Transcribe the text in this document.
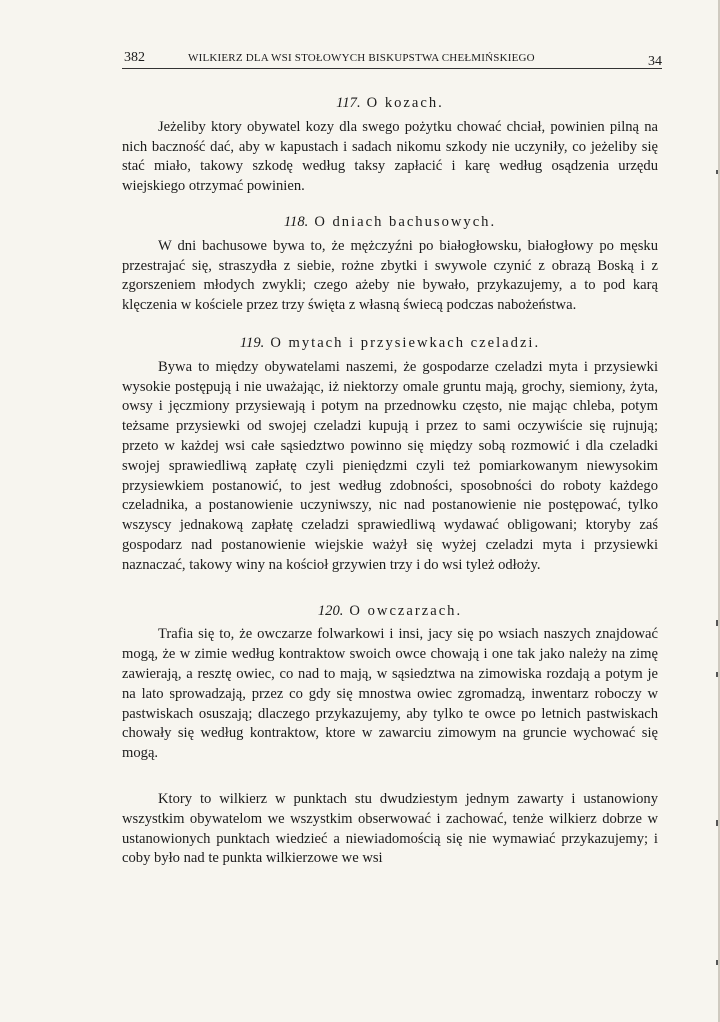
382	WILKIERZ DLA WSI STOŁOWYCH BISKUPSTWA CHEŁMIŃSKIEGO	34
117. O kozach.

Jeżeliby ktory obywatel kozy dla swego pożytku chować chciał, powinien pilną na nich baczność dać, aby w kapustach i sadach nikomu szkody nie uczyniły, co jeżeliby się stać miało, takowy szkodę według taksy zapłacić i karę według osądzenia urzędu wiejskiego otrzymać powinien.

118. O dniach bachusowych.

W dni bachusowe bywa to, że mężczyźni po białogłowsku, białogłowy po męsku przestrajać się, straszydła z siebie, rożne zbytki i swywole czynić z obrazą Boską i z zgorszeniem młodych zwykli; czego ażeby nie bywało, przykazujemy, a to pod karą klęczenia w kościele przez trzy święta z własną świecą podczas nabożeństwa.

119. O mytach i przysiewkach czeladzi.

Bywa to między obywatelami naszemi, że gospodarze czeladzi myta i przysiewki wysokie postępują i nie uważając, iż niektorzy omale gruntu mają, grochy, siemiony, żyta, owsy i jęczmiony przysiewają i potym na przednowku często, nie mając chleba, potym teżsame przysiewki od swojej czeladzi kupują i przez to sami oczywiście się rujnują; przeto w każdej wsi całe sąsiedztwo powinno się między sobą rozmowić i dla czeladki swojej sprawiedliwą zapłatę czyli pieniędzmi czyli też pomiarkowanym niewysokim przysiewkiem postanowić, to jest według zdobności, sposobności do roboty każdego czeladnika, a postanowienie uczyniwszy, nic nad postanowienie nie postępować, tylko wszyscy jednakową zapłatę czeladzi sprawiedliwą wydawać obligowani; ktoryby zaś gospodarz nad postanowienie wiejskie ważył się wyżej czeladzi myta i przysiewki naznaczać, takowy winy na kościoł grzywien trzy i do wsi tyleż odłoży.

120. O owczarzach.

Trafia się to, że owczarze folwarkowi i insi, jacy się po wsiach naszych znajdować mogą, że w zimie według kontraktow swoich owce chowają i one tak jako należy na zimę zawierają, a resztę owiec, co nad to mają, w sąsiedztwa na zimowiska rozdają a potym je na lato sprowadzają, przez co gdy się mnostwa owiec zgromadzą, inwentarz roboczy w pastwiskach osuszają; dlaczego przykazujemy, aby tylko te owce po letnich pastwiskach chowały się według kontraktow, ktore w zawarciu zimowym na gruncie wychować się mogą.

Ktory to wilkierz w punktach stu dwudziestym jednym zawarty i ustanowiony wszystkim obywatelom we wszystkim obserwować i zachować, tenże wilkierz dobrze w ustanowionych punktach wiedzieć a niewiadomością się nie wymawiać przykazujemy; i coby było nad te punkta wilkierzowe we wsi
